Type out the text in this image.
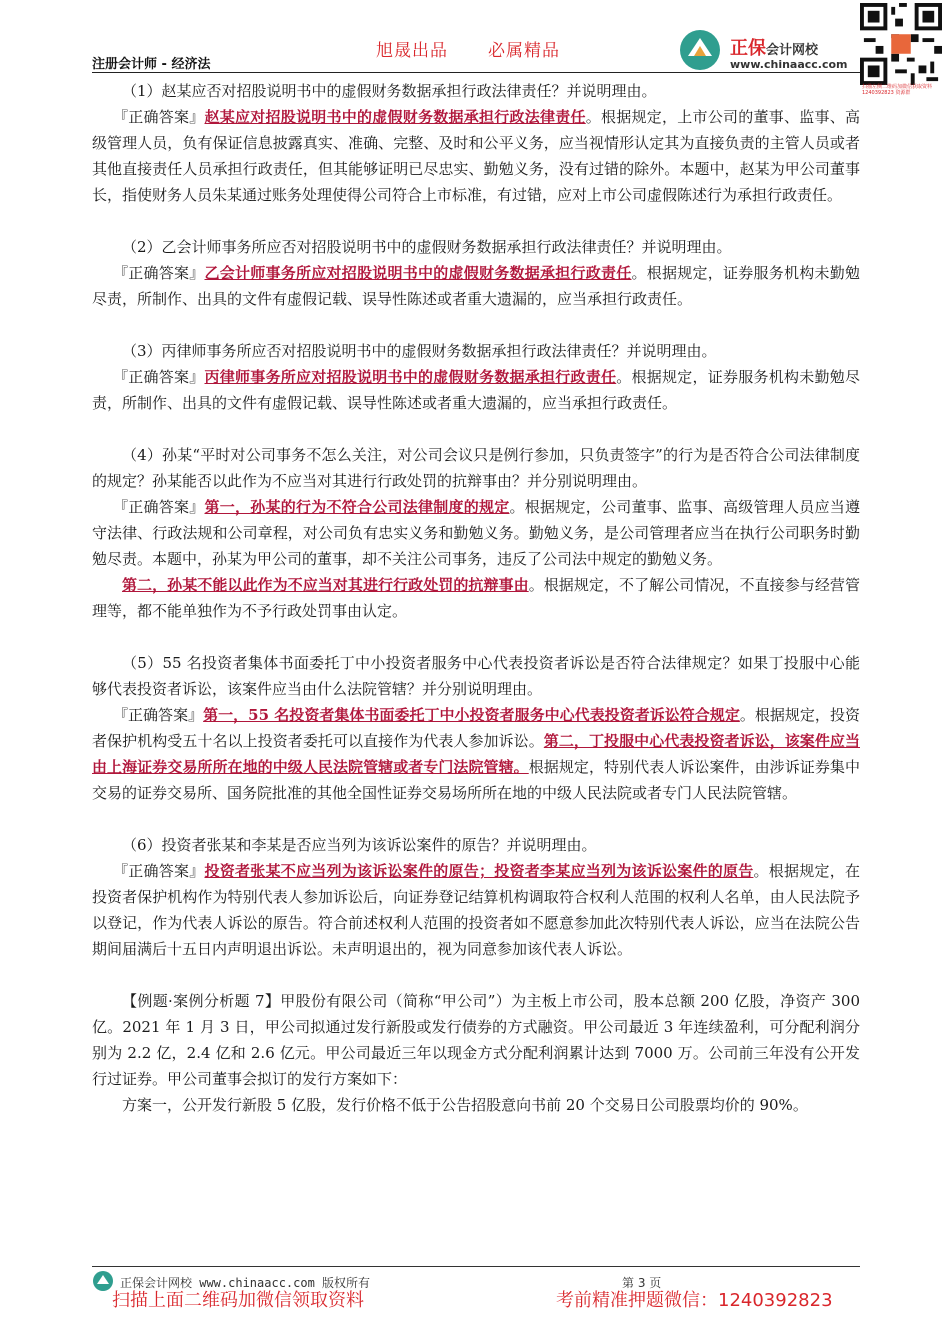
旭晟出品 必属精品
注册会计师 - 经济法
正保会计网校
www.chinaacc.com
扫描左侧二维码加微信获取资料 1240392823 资源群

（1）赵某应否对招股说明书中的虚假财务数据承担行政法律责任？并说明理由。

『正确答案』赵某应对招股说明书中的虚假财务数据承担行政法律责任。根据规定，上市公司的董事、监事、高级管理人员，负有保证信息披露真实、准确、完整、及时和公平义务，应当视情形认定其为直接负责的主管人员或者其他直接责任人员承担行政责任，但其能够证明已尽忠实、勤勉义务，没有过错的除外。本题中，赵某为甲公司董事长，指使财务人员朱某通过账务处理使得公司符合上市标准，有过错，应对上市公司虚假陈述行为承担行政责任。

（2）乙会计师事务所应否对招股说明书中的虚假财务数据承担行政法律责任？并说明理由。

『正确答案』乙会计师事务所应对招股说明书中的虚假财务数据承担行政责任。根据规定，证券服务机构未勤勉尽责，所制作、出具的文件有虚假记载、误导性陈述或者重大遗漏的，应当承担行政责任。

（3）丙律师事务所应否对招股说明书中的虚假财务数据承担行政法律责任？并说明理由。

『正确答案』丙律师事务所应对招股说明书中的虚假财务数据承担行政责任。根据规定，证券服务机构未勤勉尽责，所制作、出具的文件有虚假记载、误导性陈述或者重大遗漏的，应当承担行政责任。

（4）孙某“平时对公司事务不怎么关注，对公司会议只是例行参加，只负责签字”的行为是否符合公司法律制度的规定？孙某能否以此作为不应当对其进行行政处罚的抗辩事由？并分别说明理由。

『正确答案』第一，孙某的行为不符合公司法律制度的规定。根据规定，公司董事、监事、高级管理人员应当遵守法律、行政法规和公司章程，对公司负有忠实义务和勤勉义务。勤勉义务，是公司管理者应当在执行公司职务时勤勉尽责。本题中，孙某为甲公司的董事，却不关注公司事务，违反了公司法中规定的勤勉义务。

第二，孙某不能以此作为不应当对其进行行政处罚的抗辩事由。根据规定，不了解公司情况，不直接参与经营管理等，都不能单独作为不予行政处罚事由认定。

（5）55 名投资者集体书面委托丁中小投资者服务中心代表投资者诉讼是否符合法律规定？如果丁投服中心能够代表投资者诉讼，该案件应当由什么法院管辖？并分别说明理由。

『正确答案』第一，55 名投资者集体书面委托丁中小投资者服务中心代表投资者诉讼符合规定。根据规定，投资者保护机构受五十名以上投资者委托可以直接作为代表人参加诉讼。第二，丁投服中心代表投资者诉讼，该案件应当由上海证券交易所所在地的中级人民法院管辖或者专门法院管辖。根据规定，特别代表人诉讼案件，由涉诉证券集中交易的证券交易所、国务院批准的其他全国性证券交易场所所在地的中级人民法院或者专门人民法院管辖。

（6）投资者张某和李某是否应当列为该诉讼案件的原告？并说明理由。

『正确答案』投资者张某不应当列为该诉讼案件的原告；投资者李某应当列为该诉讼案件的原告。根据规定，在投资者保护机构作为特别代表人参加诉讼后，向证券登记结算机构调取符合权利人范围的权利人名单，由人民法院予以登记，作为代表人诉讼的原告。符合前述权利人范围的投资者如不愿意参加此次特别代表人诉讼，应当在法院公告期间届满后十五日内声明退出诉讼。未声明退出的，视为同意参加该代表人诉讼。

【例题·案例分析题 7】甲股份有限公司（简称“甲公司”）为主板上市公司，股本总额 200 亿股，净资产 300 亿。2021 年 1 月 3 日，甲公司拟通过发行新股或发行债券的方式融资。甲公司最近 3 年连续盈利，可分配利润分别为 2.2 亿，2.4 亿和 2.6 亿元。甲公司最近三年以现金方式分配利润累计达到 7000 万。公司前三年没有公开发行过证券。甲公司董事会拟订的发行方案如下：

方案一，公开发行新股 5 亿股，发行价格不低于公告招股意向书前 20 个交易日公司股票均价的 90%。

正保会计网校 www.chinaacc.com 版权所有	第 3 页
扫描上面二维码加微信领取资料	考前精准押题微信：1240392823
